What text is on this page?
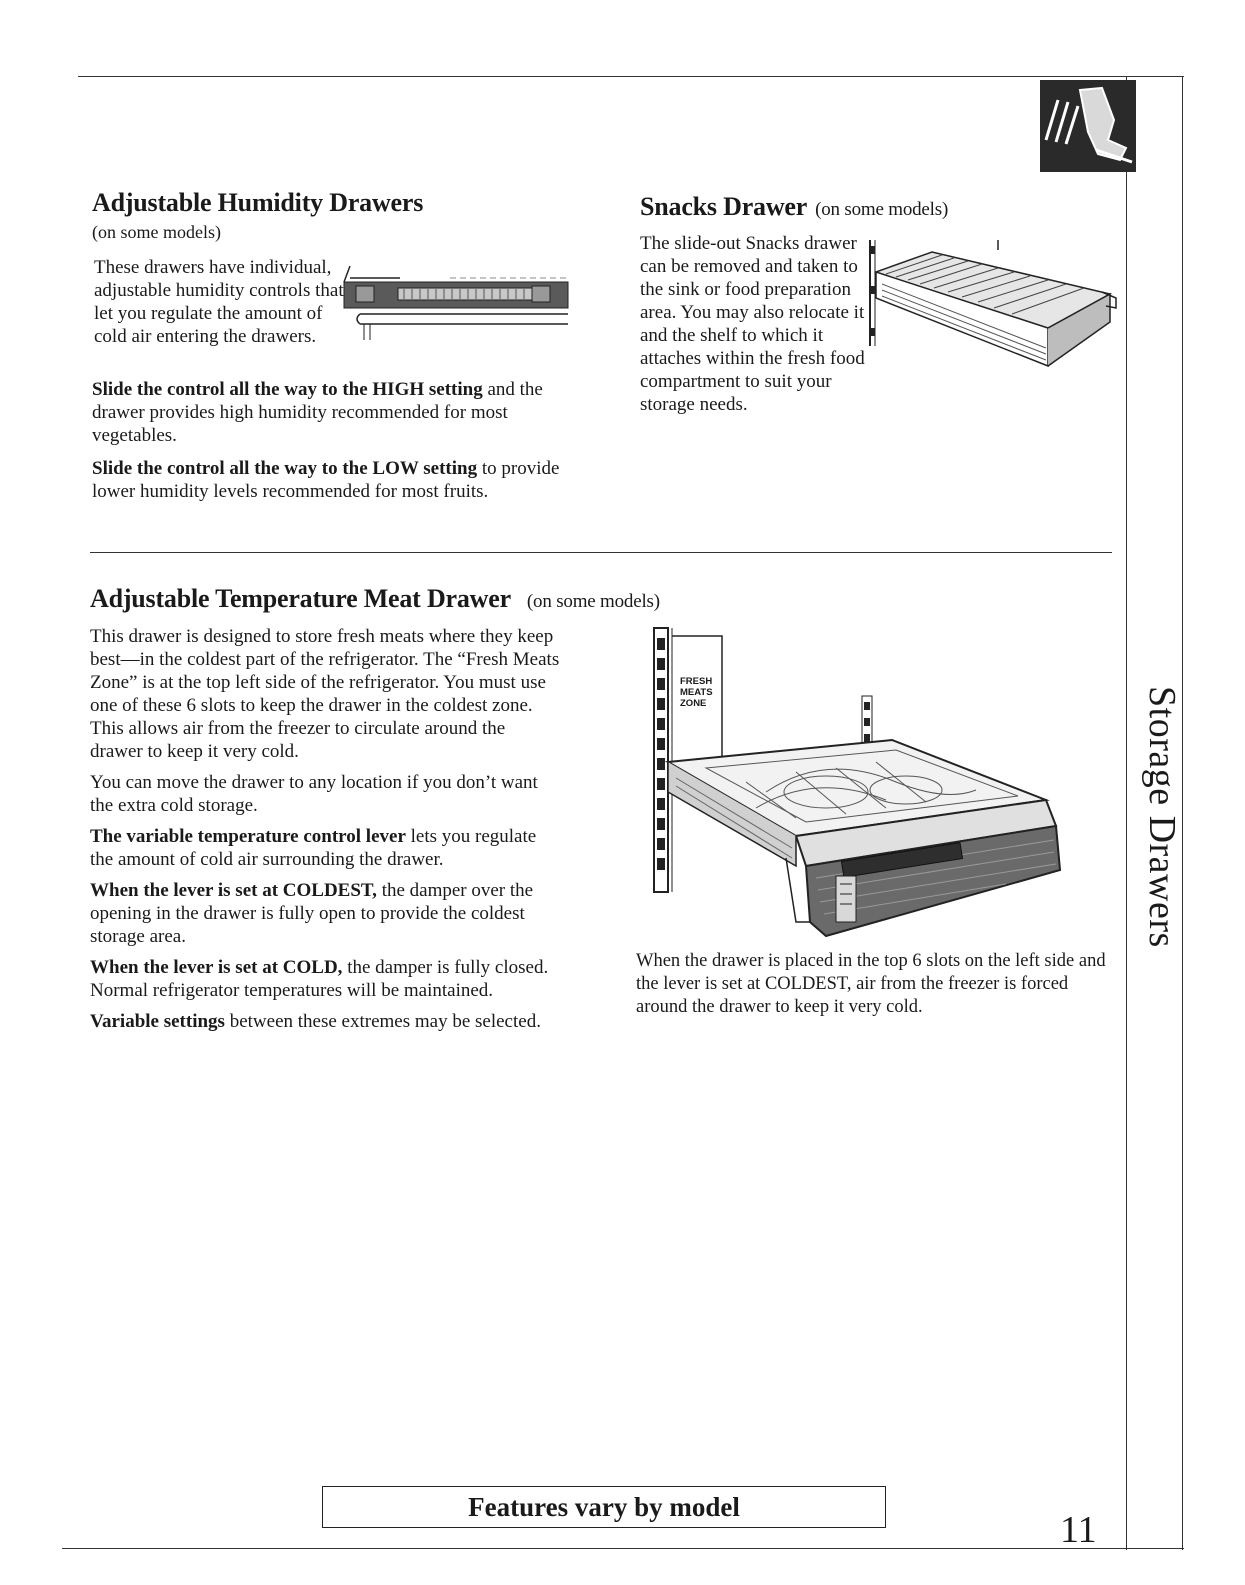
Adjustable Humidity Drawers
(on some models)

These drawers have individual, adjustable humidity controls that let you regulate the amount of cold air entering the drawers.

Slide the control all the way to the HIGH setting and the drawer provides high humidity recommended for most vegetables.

Slide the control all the way to the LOW setting to provide lower humidity levels recommended for most fruits.

Snacks Drawer (on some models)

The slide-out Snacks drawer can be removed and taken to the sink or food preparation area. You may also relocate it and the shelf to which it attaches within the fresh food compartment to suit your storage needs.

Adjustable Temperature Meat Drawer (on some models)

This drawer is designed to store fresh meats where they keep best—in the coldest part of the refrigerator. The “Fresh Meats Zone” is at the top left side of the refrigerator. You must use one of these 6 slots to keep the drawer in the coldest zone. This allows air from the freezer to circulate around the drawer to keep it very cold.

You can move the drawer to any location if you don’t want the extra cold storage.

The variable temperature control lever lets you regulate the amount of cold air surrounding the drawer.

When the lever is set at COLDEST, the damper over the opening in the drawer is fully open to provide the coldest storage area.

When the lever is set at COLD, the damper is fully closed. Normal refrigerator temperatures will be maintained.

Variable settings between these extremes may be selected.

FRESH
MEATS
ZONE
When the drawer is placed in the top 6 slots on the left side and the lever is set at COLDEST, air from the freezer is forced around the drawer to keep it very cold.
Storage Drawers
Features vary by model
11
